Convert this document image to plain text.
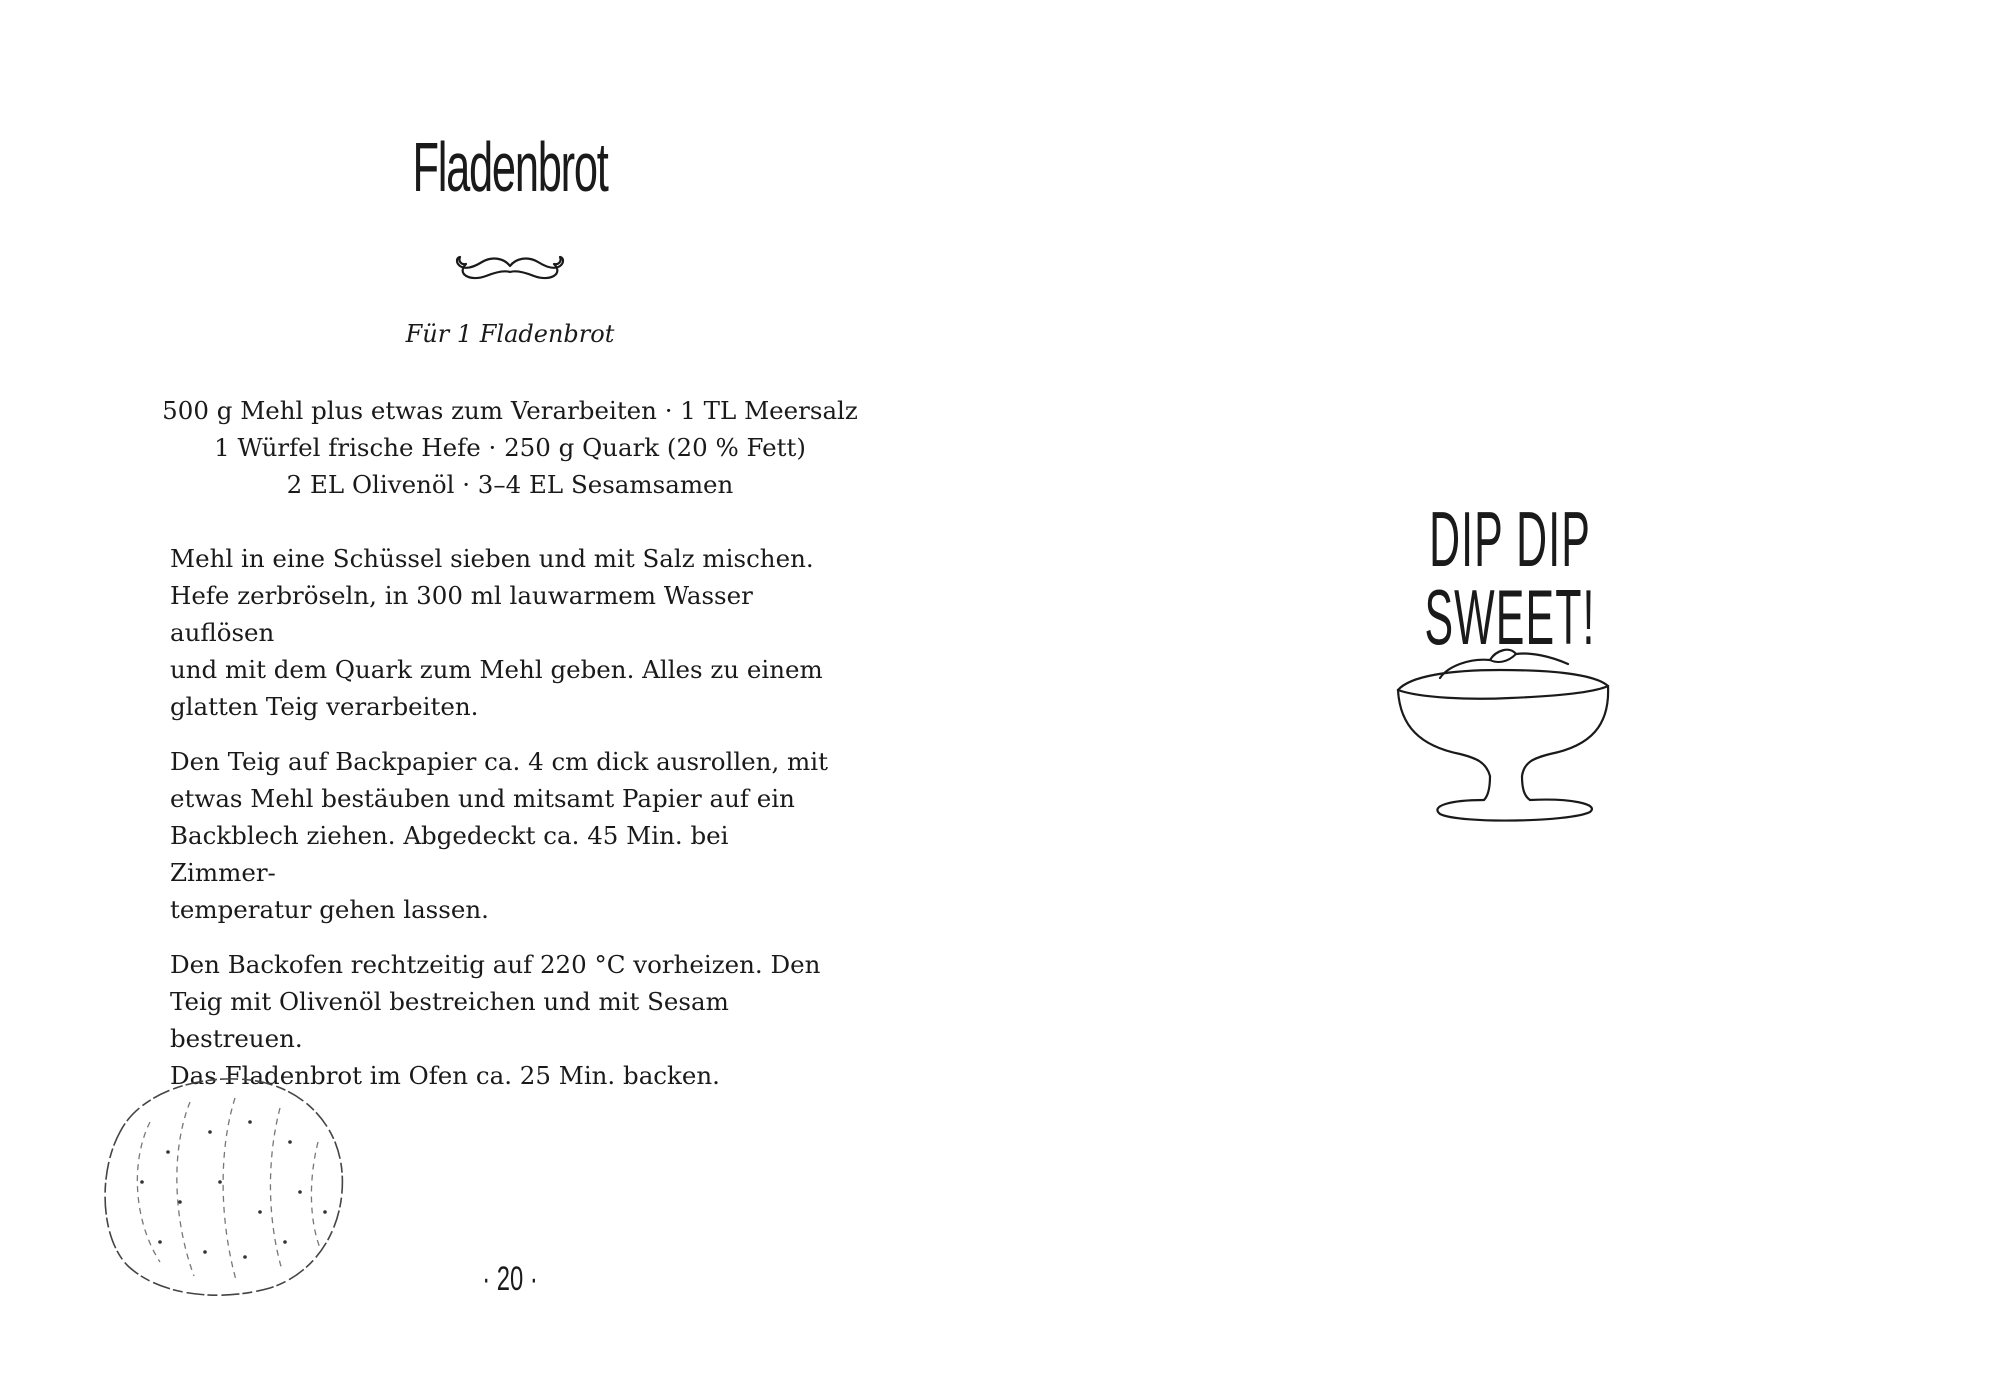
Fladenbrot

Für 1 Fladenbrot

500 g Mehl plus etwas zum Verarbeiten · 1 TL Meersalz
1 Würfel frische Hefe · 250 g Quark (20 % Fett)
2 EL Olivenöl · 3–4 EL Sesamsamen

Mehl in eine Schüssel sieben und mit Salz mischen.
Hefe zerbröseln, in 300 ml lauwarmem Wasser auflösen
und mit dem Quark zum Mehl geben. Alles zu einem
glatten Teig verarbeiten.

Den Teig auf Backpapier ca. 4 cm dick ausrollen, mit
etwas Mehl bestäuben und mitsamt Papier auf ein
Backblech ziehen. Abgedeckt ca. 45 Min. bei Zimmer-
temperatur gehen lassen.

Den Backofen rechtzeitig auf 220 °C vorheizen. Den
Teig mit Olivenöl bestreichen und mit Sesam bestreuen.
Das Fladenbrot im Ofen ca. 25 Min. backen.

· 20 ·

DIP DIP SWEET!
